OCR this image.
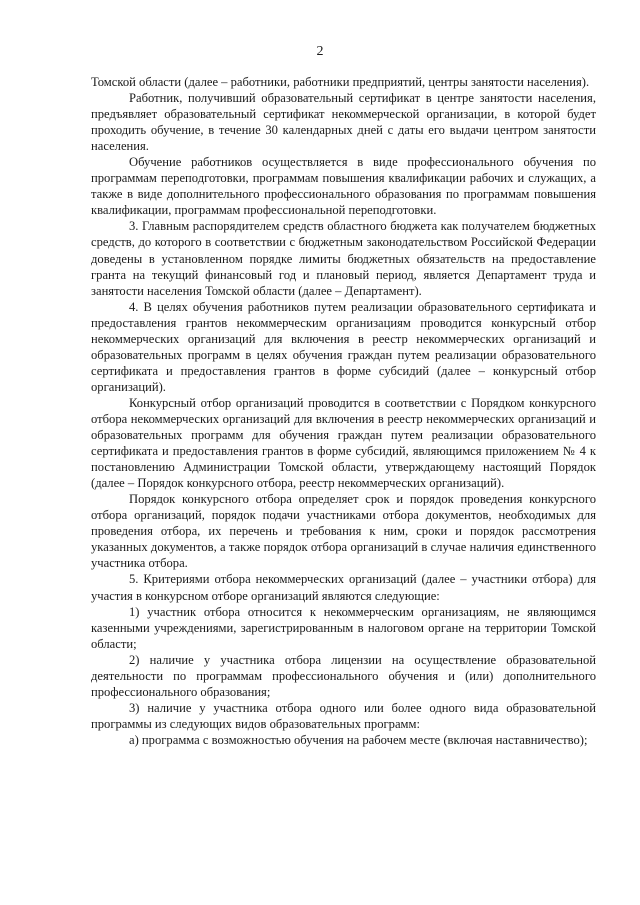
2

Томской области (далее – работники, работники предприятий, центры занятости населения).

Работник, получивший образовательный сертификат в центре занятости населения, предъявляет образовательный сертификат некоммерческой организации, в которой будет проходить обучение, в течение 30 календарных дней с даты его выдачи центром занятости населения.

Обучение работников осуществляется в виде профессионального обучения по программам переподготовки, программам повышения квалификации рабочих и служащих, а также в виде дополнительного профессионального образования по программам повышения квалификации, программам профессиональной переподготовки.

3. Главным распорядителем средств областного бюджета как получателем бюджетных средств, до которого в соответствии с бюджетным законодательством Российской Федерации доведены в установленном порядке лимиты бюджетных обязательств на предоставление гранта на текущий финансовый год и плановый период, является Департамент труда и занятости населения Томской области (далее – Департамент).

4. В целях обучения работников путем реализации образовательного сертификата и предоставления грантов некоммерческим организациям проводится конкурсный отбор некоммерческих организаций для включения в реестр некоммерческих организаций и образовательных программ в целях обучения граждан путем реализации образовательного сертификата и предоставления грантов в форме субсидий (далее – конкурсный отбор организаций).

Конкурсный отбор организаций проводится в соответствии с Порядком конкурсного отбора некоммерческих организаций для включения в реестр некоммерческих организаций и образовательных программ для обучения граждан путем реализации образовательного сертификата и предоставления грантов в форме субсидий, являющимся приложением № 4 к постановлению Администрации Томской области, утверждающему настоящий Порядок (далее – Порядок конкурсного отбора, реестр некоммерческих организаций).

Порядок конкурсного отбора определяет срок и порядок проведения конкурсного отбора организаций, порядок подачи участниками отбора документов, необходимых для проведения отбора, их перечень и требования к ним, сроки и порядок рассмотрения указанных документов, а также порядок отбора организаций в случае наличия единственного участника отбора.

5. Критериями отбора некоммерческих организаций (далее – участники отбора) для участия в конкурсном отборе организаций являются следующие:

1) участник отбора относится к некоммерческим организациям, не являющимся казенными учреждениями, зарегистрированным в налоговом органе на территории Томской области;

2) наличие у участника отбора лицензии на осуществление образовательной деятельности по программам профессионального обучения и (или) дополнительного профессионального образования;

3) наличие у участника отбора одного или более одного вида образовательной программы из следующих видов образовательных программ:

а) программа с возможностью обучения на рабочем месте (включая наставничество);
